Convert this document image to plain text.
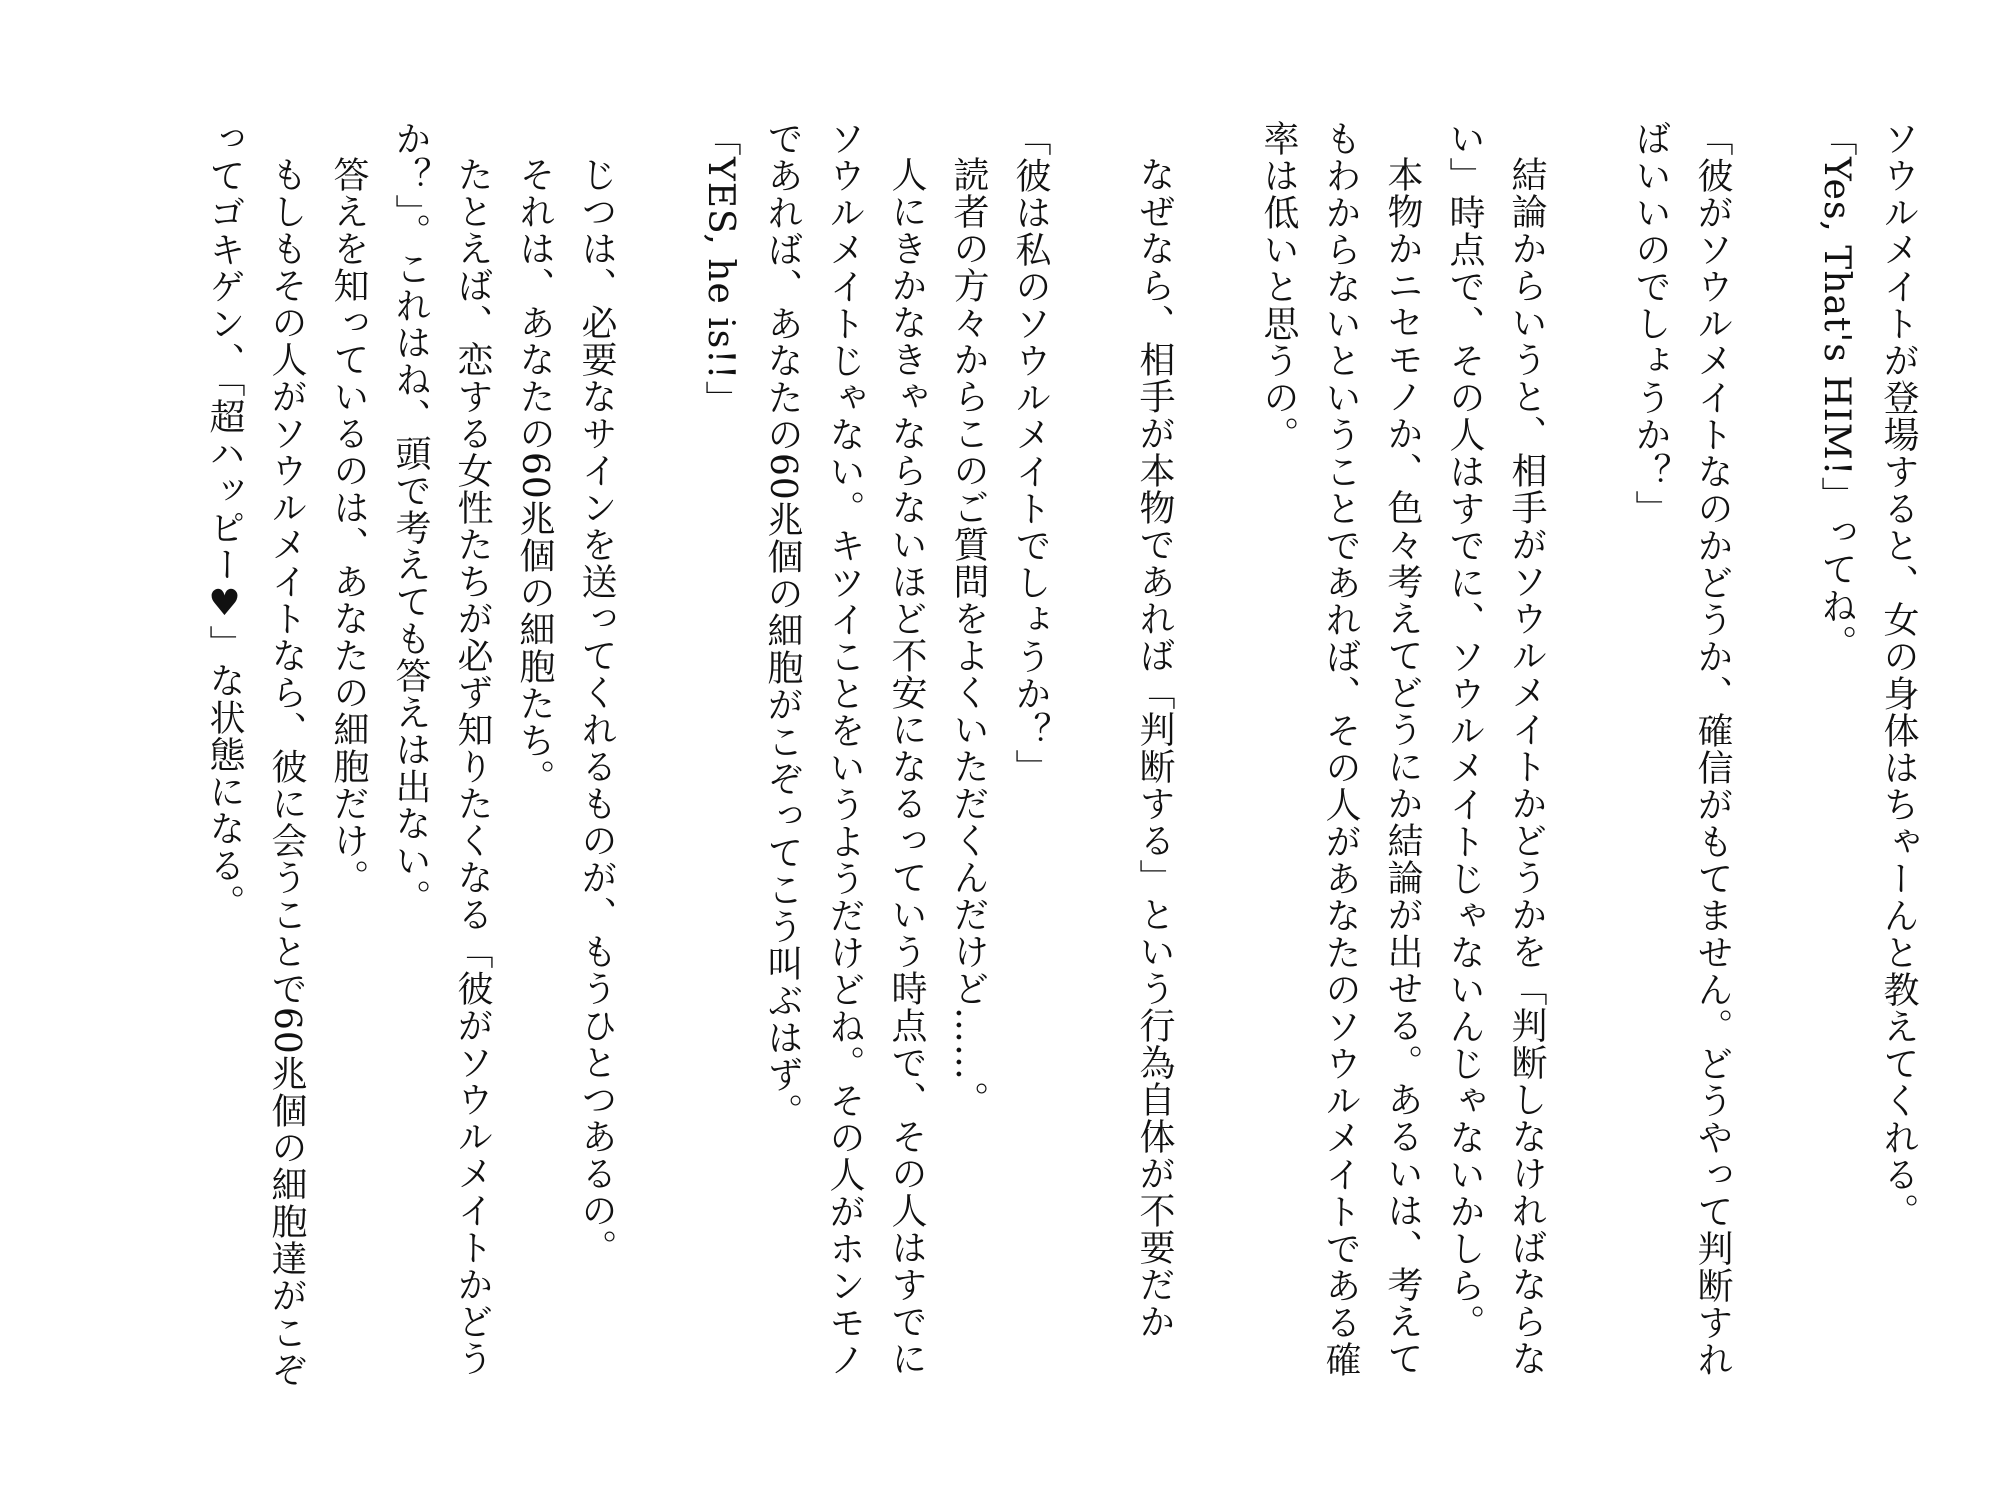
ソウルメイトが登場すると、女の身体はちゃーんと教えてくれる。
「Yes, That's HIM!」ってね。
「彼がソウルメイトなのかどうか、確信がもてません。どうやって判断すれ
ばいいのでしょうか？」
結論からいうと、相手がソウルメイトかどうかを「判断しなければならな
い」時点で、その人はすでに、ソウルメイトじゃないんじゃないかしら。
本物かニセモノか、色々考えてどうにか結論が出せる。あるいは、考えて
もわからないということであれば、その人があなたのソウルメイトである確
率は低いと思うの。
なぜなら、相手が本物であれば「判断する」という行為自体が不要だか
「彼は私のソウルメイトでしょうか？」
読者の方々からこのご質問をよくいただくんだけど……。
人にきかなきゃならないほど不安になるっていう時点で、その人はすでに
ソウルメイトじゃない。キツイことをいうようだけどね。その人がホンモノ
であれば、あなたの60兆個の細胞がこぞってこう叫ぶはず。
「YES, he is!!」
じつは、必要なサインを送ってくれるものが、もうひとつあるの。
それは、あなたの60兆個の細胞たち。
たとえば、恋する女性たちが必ず知りたくなる「彼がソウルメイトかどう
か？」。これはね、頭で考えても答えは出ない。
答えを知っているのは、あなたの細胞だけ。
もしもその人がソウルメイトなら、彼に会うことで60兆個の細胞達がこぞ
ってゴキゲン、「超ハッピー♥」な状態になる。
